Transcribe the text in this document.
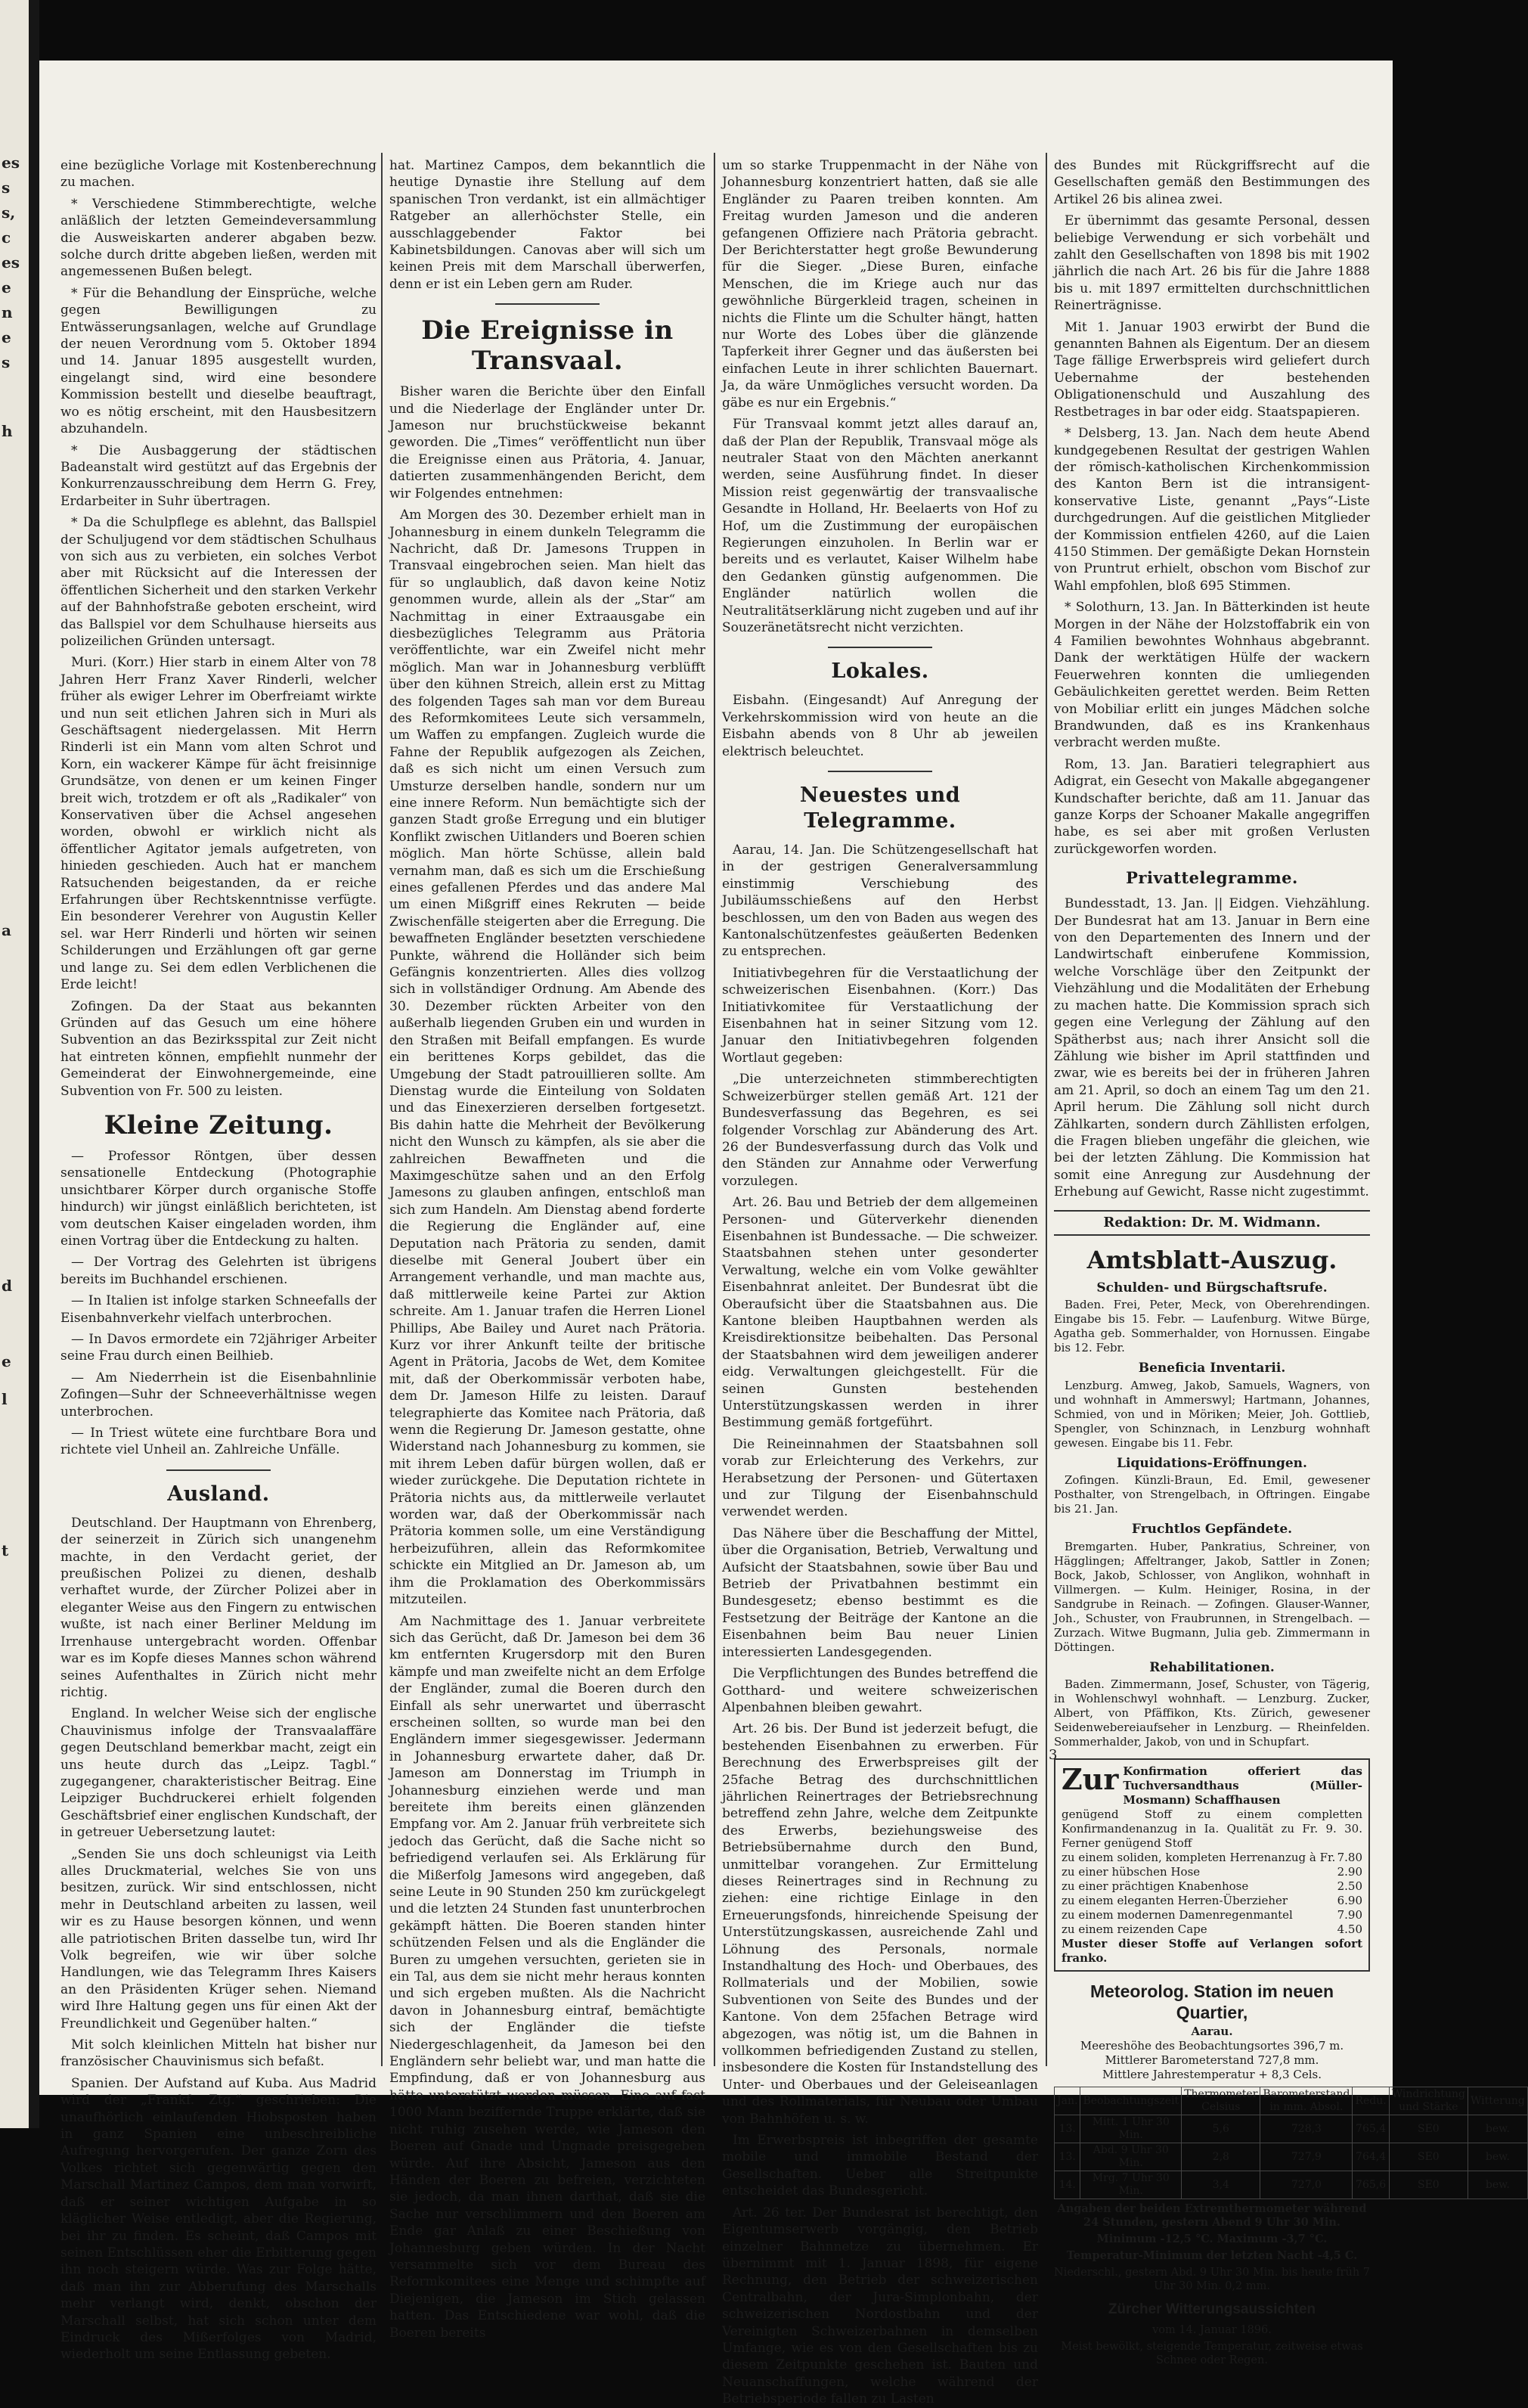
es
s
s,
c
es
e
n
e
s
h
a
d
e
l
t

eine bezügliche Vorlage mit Kostenberechnung zu machen.

* Verschiedene Stimmberechtigte, welche anläßlich der letzten Gemeindeversammlung die Ausweiskarten anderer abgaben bezw. solche durch dritte abgeben ließen, werden mit angemessenen Bußen belegt.

* Für die Behandlung der Einsprüche, welche gegen Bewilligungen zu Entwässerungsanlagen, welche auf Grundlage der neuen Verordnung vom 5. Oktober 1894 und 14. Januar 1895 ausgestellt wurden, eingelangt sind, wird eine besondere Kommission bestellt und dieselbe beauftragt, wo es nötig erscheint, mit den Hausbesitzern abzuhandeln.

* Die Ausbaggerung der städtischen Badeanstalt wird gestützt auf das Ergebnis der Konkurrenzausschreibung dem Herrn G. Frey, Erdarbeiter in Suhr übertragen.

* Da die Schulpflege es ablehnt, das Ballspiel der Schuljugend vor dem städtischen Schulhaus von sich aus zu verbieten, ein solches Verbot aber mit Rücksicht auf die Interessen der öffentlichen Sicherheit und den starken Verkehr auf der Bahnhofstraße geboten erscheint, wird das Ballspiel vor dem Schulhause hierseits aus polizeilichen Gründen untersagt.

Muri. (Korr.) Hier starb in einem Alter von 78 Jahren Herr Franz Xaver Rinderli, welcher früher als ewiger Lehrer im Oberfreiamt wirkte und nun seit etlichen Jahren sich in Muri als Geschäftsagent niedergelassen. Mit Herrn Rinderli ist ein Mann vom alten Schrot und Korn, ein wackerer Kämpe für ächt freisinnige Grundsätze, von denen er um keinen Finger breit wich, trotzdem er oft als „Radikaler“ von Konservativen über die Achsel angesehen worden, obwohl er wirklich nicht als öffentlicher Agitator jemals aufgetreten, von hinieden geschieden. Auch hat er manchem Ratsuchenden beigestanden, da er reiche Erfahrungen über Rechtskenntnisse verfügte. Ein besonderer Verehrer von Augustin Keller sel. war Herr Rinderli und hörten wir seinen Schilderungen und Erzählungen oft gar gerne und lange zu. Sei dem edlen Verblichenen die Erde leicht!

Zofingen. Da der Staat aus bekannten Gründen auf das Gesuch um eine höhere Subvention an das Bezirksspital zur Zeit nicht hat eintreten können, empfiehlt nunmehr der Gemeinderat der Einwohnergemeinde, eine Subvention von Fr. 500 zu leisten.

Kleine Zeitung.

— Professor Röntgen, über dessen sensationelle Entdeckung (Photographie unsichtbarer Körper durch organische Stoffe hindurch) wir jüngst einläßlich berichteten, ist vom deutschen Kaiser eingeladen worden, ihm einen Vortrag über die Entdeckung zu halten.

— Der Vortrag des Gelehrten ist übrigens bereits im Buchhandel erschienen.

— In Italien ist infolge starken Schneefalls der Eisenbahnverkehr vielfach unterbrochen.

— In Davos ermordete ein 72jähriger Arbeiter seine Frau durch einen Beilhieb.

— Am Niederrhein ist die Eisenbahnlinie Zofingen—Suhr der Schneeverhältnisse wegen unterbrochen.

— In Triest wütete eine furchtbare Bora und richtete viel Unheil an. Zahlreiche Unfälle.

Ausland.

Deutschland. Der Hauptmann von Ehrenberg, der seinerzeit in Zürich sich unangenehm machte, in den Verdacht geriet, der preußischen Polizei zu dienen, deshalb verhaftet wurde, der Zürcher Polizei aber in eleganter Weise aus den Fingern zu entwischen wußte, ist nach einer Berliner Meldung im Irrenhause untergebracht worden. Offenbar war es im Kopfe dieses Mannes schon während seines Aufenthaltes in Zürich nicht mehr richtig.

England. In welcher Weise sich der englische Chauvinismus infolge der Transvaalaffäre gegen Deutschland bemerkbar macht, zeigt ein uns heute durch das „Leipz. Tagbl.“ zugegangener, charakteristischer Beitrag. Eine Leipziger Buchdruckerei erhielt folgenden Geschäftsbrief einer englischen Kundschaft, der in getreuer Uebersetzung lautet:

„Senden Sie uns doch schleunigst via Leith alles Druckmaterial, welches Sie von uns besitzen, zurück. Wir sind entschlossen, nicht mehr in Deutschland arbeiten zu lassen, weil wir es zu Hause besorgen können, und wenn alle patriotischen Briten dasselbe tun, wird Ihr Volk begreifen, wie wir über solche Handlungen, wie das Telegramm Ihres Kaisers an den Präsidenten Krüger sehen. Niemand wird Ihre Haltung gegen uns für einen Akt der Freundlichkeit und Gegenüber halten.“

Mit solch kleinlichen Mitteln hat bisher nur französischer Chauvinismus sich befaßt.

Spanien. Der Aufstand auf Kuba. Aus Madrid wird der „Frankf. Ztg.“ geschrieben: Die unaufhörlich einlaufenden Hiobsposten haben in ganz Spanien eine unbeschreibliche Aufregung hervorgerufen. Der ganze Zorn des Volkes richtet sich gegenwärtig gegen den Marschall Martinez Campos, dem man vorwirft, daß er seiner wichtigen Aufgabe in so kläglicher Weise entledigt, aber die Regierung, bei ihr zu finden. Es scheint, daß Campos mit seinen Entschlüssen eher die Erbitterung gegen ihn noch steigern würde. Was zur Folge hätte, daß man ihn zur Abberufung des Marschalls mehr verlangt wird, denkt, obschon der Marschall selbst, hat sich schon unter dem Eindruck des Mißerfolges von Madrid, wiederholt um seine Entlassung gebeten.

hat. Martinez Campos, dem bekanntlich die heutige Dynastie ihre Stellung auf dem spanischen Tron verdankt, ist ein allmächtiger Ratgeber an allerhöchster Stelle, ein ausschlaggebender Faktor bei Kabinetsbildungen. Canovas aber will sich um keinen Preis mit dem Marschall überwerfen, denn er ist ein Leben gern am Ruder.

Die Ereignisse in Transvaal.

Bisher waren die Berichte über den Einfall und die Niederlage der Engländer unter Dr. Jameson nur bruchstückweise bekannt geworden. Die „Times“ veröffentlicht nun über die Ereignisse einen aus Prätoria, 4. Januar, datierten zusammenhängenden Bericht, dem wir Folgendes entnehmen:

Am Morgen des 30. Dezember erhielt man in Johannesburg in einem dunkeln Telegramm die Nachricht, daß Dr. Jamesons Truppen in Transvaal eingebrochen seien. Man hielt das für so unglaublich, daß davon keine Notiz genommen wurde, allein als der „Star“ am Nachmittag in einer Extraausgabe ein diesbezügliches Telegramm aus Prätoria veröffentlichte, war ein Zweifel nicht mehr möglich. Man war in Johannesburg verblüfft über den kühnen Streich, allein erst zu Mittag des folgenden Tages sah man vor dem Bureau des Reformkomitees Leute sich versammeln, um Waffen zu empfangen. Zugleich wurde die Fahne der Republik aufgezogen als Zeichen, daß es sich nicht um einen Versuch zum Umsturze derselben handle, sondern nur um eine innere Reform. Nun bemächtigte sich der ganzen Stadt große Erregung und ein blutiger Konflikt zwischen Uitlanders und Boeren schien möglich. Man hörte Schüsse, allein bald vernahm man, daß es sich um die Erschießung eines gefallenen Pferdes und das andere Mal um einen Mißgriff eines Rekruten — beide Zwischenfälle steigerten aber die Erregung. Die bewaffneten Engländer besetzten verschiedene Punkte, während die Holländer sich beim Gefängnis konzentrierten. Alles dies vollzog sich in vollständiger Ordnung. Am Abende des 30. Dezember rückten Arbeiter von den außerhalb liegenden Gruben ein und wurden in den Straßen mit Beifall empfangen. Es wurde ein berittenes Korps gebildet, das die Umgebung der Stadt patrouillieren sollte. Am Dienstag wurde die Einteilung von Soldaten und das Einexerzieren derselben fortgesetzt. Bis dahin hatte die Mehrheit der Bevölkerung nicht den Wunsch zu kämpfen, als sie aber die zahlreichen Bewaffneten und die Maximgeschütze sahen und an den Erfolg Jamesons zu glauben anfingen, entschloß man sich zum Handeln. Am Dienstag abend forderte die Regierung die Engländer auf, eine Deputation nach Prätoria zu senden, damit dieselbe mit General Joubert über ein Arrangement verhandle, und man machte aus, daß mittlerweile keine Partei zur Aktion schreite. Am 1. Januar trafen die Herren Lionel Phillips, Abe Bailey und Auret nach Prätoria. Kurz vor ihrer Ankunft teilte der britische Agent in Prätoria, Jacobs de Wet, dem Komitee mit, daß der Oberkommissär verboten habe, dem Dr. Jameson Hilfe zu leisten. Darauf telegraphierte das Komitee nach Prätoria, daß wenn die Regierung Dr. Jameson gestatte, ohne Widerstand nach Johannesburg zu kommen, sie mit ihrem Leben dafür bürgen wollen, daß er wieder zurückgehe. Die Deputation richtete in Prätoria nichts aus, da mittlerweile verlautet worden war, daß der Oberkommissär nach Prätoria kommen solle, um eine Verständigung herbeizuführen, allein das Reformkomitee schickte ein Mitglied an Dr. Jameson ab, um ihm die Proklamation des Oberkommissärs mitzuteilen.

Am Nachmittage des 1. Januar verbreitete sich das Gerücht, daß Dr. Jameson bei dem 36 km entfernten Krugersdorp mit den Buren kämpfe und man zweifelte nicht an dem Erfolge der Engländer, zumal die Boeren durch den Einfall als sehr unerwartet und überrascht erscheinen sollten, so wurde man bei den Engländern immer siegesgewisser. Jedermann in Johannesburg erwartete daher, daß Dr. Jameson am Donnerstag im Triumph in Johannesburg einziehen werde und man bereitete ihm bereits einen glänzenden Empfang vor. Am 2. Januar früh verbreitete sich jedoch das Gerücht, daß die Sache nicht so befriedigend verlaufen sei. Als Erklärung für die Mißerfolg Jamesons wird angegeben, daß seine Leute in 90 Stunden 250 km zurückgelegt und die letzten 24 Stunden fast ununterbrochen gekämpft hätten. Die Boeren standen hinter schützenden Felsen und als die Engländer die Buren zu umgehen versuchten, gerieten sie in ein Tal, aus dem sie nicht mehr heraus konnten und sich ergeben mußten. Als die Nachricht davon in Johannesburg eintraf, bemächtigte sich der Engländer die tiefste Niedergeschlagenheit, da Jameson bei den Engländern sehr beliebt war, und man hatte die Empfindung, daß er von Johannesburg aus hätte unterstützt werden müssen. Eine auf fast 1000 Mann beziffernde Truppe erklärte, daß sie nicht ruhig zusehen werde, wie Jameson den Boeren auf Gnade und Ungnade preisgegeben würde. Auf ihre Absicht, Jameson aus den Händen der Boeren zu befreien, verzichteten sie jedoch, da man ihnen darthat, daß sie die Sache nur verschlimmern und den Boeren am Ende gar Anlaß zu einer Beschießung von Johannesburg geben würden. In der Nacht versammelte sich vor dem Bureau des Reformkomitees eine Menge und schimpfte auf Diejenigen, die Jameson im Stich gelassen hatten. Das Entschiedene war wohl, daß die Boeren bereits

um so starke Truppenmacht in der Nähe von Johannesburg konzentriert hatten, daß sie alle Engländer zu Paaren treiben konnten. Am Freitag wurden Jameson und die anderen gefangenen Offiziere nach Prätoria gebracht. Der Berichterstatter hegt große Bewunderung für die Sieger. „Diese Buren, einfache Menschen, die im Kriege auch nur das gewöhnliche Bürgerkleid tragen, scheinen in nichts die Flinte um die Schulter hängt, hatten nur Worte des Lobes über die glänzende Tapferkeit ihrer Gegner und das äußersten bei einfachen Leute in ihrer schlichten Bauernart. Ja, da wäre Unmögliches versucht worden. Da gäbe es nur ein Ergebnis.“

Für Transvaal kommt jetzt alles darauf an, daß der Plan der Republik, Transvaal möge als neutraler Staat von den Mächten anerkannt werden, seine Ausführung findet. In dieser Mission reist gegenwärtig der transvaalische Gesandte in Holland, Hr. Beelaerts von Hof zu Hof, um die Zustimmung der europäischen Regierungen einzuholen. In Berlin war er bereits und es verlautet, Kaiser Wilhelm habe den Gedanken günstig aufgenommen. Die Engländer natürlich wollen die Neutralitätserklärung nicht zugeben und auf ihr Souzeränetätsrecht nicht verzichten.

Lokales.

Eisbahn. (Eingesandt) Auf Anregung der Verkehrskommission wird von heute an die Eisbahn abends von 8 Uhr ab jeweilen elektrisch beleuchtet.

Neuestes und Telegramme.

Aarau, 14. Jan. Die Schützengesellschaft hat in der gestrigen Generalversammlung einstimmig Verschiebung des Jubiläumsschießens auf den Herbst beschlossen, um den von Baden aus wegen des Kantonalschützenfestes geäußerten Bedenken zu entsprechen.

Initiativbegehren für die Verstaatlichung der schweizerischen Eisenbahnen. (Korr.) Das Initiativkomitee für Verstaatlichung der Eisenbahnen hat in seiner Sitzung vom 12. Januar den Initiativbegehren folgenden Wortlaut gegeben:

„Die unterzeichneten stimmberechtigten Schweizerbürger stellen gemäß Art. 121 der Bundesverfassung das Begehren, es sei folgender Vorschlag zur Abänderung des Art. 26 der Bundesverfassung durch das Volk und den Ständen zur Annahme oder Verwerfung vorzulegen.

Art. 26. Bau und Betrieb der dem allgemeinen Personen- und Güterverkehr dienenden Eisenbahnen ist Bundessache. — Die schweizer. Staatsbahnen stehen unter gesonderter Verwaltung, welche ein vom Volke gewählter Eisenbahnrat anleitet. Der Bundesrat übt die Oberaufsicht über die Staatsbahnen aus. Die Kantone bleiben Hauptbahnen werden als Kreisdirektionsitze beibehalten. Das Personal der Staatsbahnen wird dem jeweiligen anderer eidg. Verwaltungen gleichgestellt. Für die seinen Gunsten bestehenden Unterstützungskassen werden in ihrer Bestimmung gemäß fortgeführt.

Die Reineinnahmen der Staatsbahnen soll vorab zur Erleichterung des Verkehrs, zur Herabsetzung der Personen- und Gütertaxen und zur Tilgung der Eisenbahnschuld verwendet werden.

Das Nähere über die Beschaffung der Mittel, über die Organisation, Betrieb, Verwaltung und Aufsicht der Staatsbahnen, sowie über Bau und Betrieb der Privatbahnen bestimmt ein Bundesgesetz; ebenso bestimmt es die Festsetzung der Beiträge der Kantone an die Eisenbahnen beim Bau neuer Linien interessierten Landesgegenden.

Die Verpflichtungen des Bundes betreffend die Gotthard- und weitere schweizerischen Alpenbahnen bleiben gewahrt.

Art. 26 bis. Der Bund ist jederzeit befugt, die bestehenden Eisenbahnen zu erwerben. Für Berechnung des Erwerbspreises gilt der 25fache Betrag des durchschnittlichen jährlichen Reinertrages der Betriebsrechnung betreffend zehn Jahre, welche dem Zeitpunkte des Erwerbs, beziehungsweise des Betriebsübernahme durch den Bund, unmittelbar vorangehen. Zur Ermittelung dieses Reinertrages sind in Rechnung zu ziehen: eine richtige Einlage in den Erneuerungsfonds, hinreichende Speisung der Unterstützungskassen, ausreichende Zahl und Löhnung des Personals, normale Instandhaltung des Hoch- und Oberbaues, des Rollmaterials und der Mobilien, sowie Subventionen von Seite des Bundes und der Kantone. Von dem 25fachen Betrage wird abgezogen, was nötig ist, um die Bahnen in vollkommen befriedigenden Zustand zu stellen, insbesondere die Kosten für Instandstellung des Unter- und Oberbaues und der Geleiseanlagen und des Rollmaterials, für Neubau oder Umbau von Bahnhöfen u. s. w.

Im Erwerbspreis ist inbegriffen der gesamte mobile und immobile Bestand der Gesellschaften. Ueber alle Streitpunkte entscheidet das Bundesgericht.

Art. 26 ter. Der Bundesrat ist berechtigt, den Eigentumserwerb vorgängig, den Betrieb einzelner Bahnnetze zu übernehmen. Er übernimmt mit 1. Januar 1898, für eigene Rechnung, den Betrieb der schweizerischen Centralbahn, der Jura-Simplonbahn, der schweizerischen Nordostbahn und der Vereinigten Schweizerbahnen in demselben Umfange, wie es von den Gesellschaften bis zu diesem Zeitpunkte geschehen ist. Bauten und Neuanschaffungen, welche während der Betriebsperiode fallen zu Lasten

des Bundes mit Rückgriffsrecht auf die Gesellschaften gemäß den Bestimmungen des Artikel 26 bis alinea zwei.

Er übernimmt das gesamte Personal, dessen beliebige Verwendung er sich vorbehält und zahlt den Gesellschaften von 1898 bis mit 1902 jährlich die nach Art. 26 bis für die Jahre 1888 bis u. mit 1897 ermittelten durchschnittlichen Reinerträgnisse.

Mit 1. Januar 1903 erwirbt der Bund die genannten Bahnen als Eigentum. Der an diesem Tage fällige Erwerbspreis wird geliefert durch Uebernahme der bestehenden Obligationenschuld und Auszahlung des Restbetrages in bar oder eidg. Staatspapieren.

* Delsberg, 13. Jan. Nach dem heute Abend kundgegebenen Resultat der gestrigen Wahlen der römisch-katholischen Kirchenkommission des Kanton Bern ist die intransigent-konservative Liste, genannt „Pays“-Liste durchgedrungen. Auf die geistlichen Mitglieder der Kommission entfielen 4260, auf die Laien 4150 Stimmen. Der gemäßigte Dekan Hornstein von Pruntrut erhielt, obschon vom Bischof zur Wahl empfohlen, bloß 695 Stimmen.

* Solothurn, 13. Jan. In Bätterkinden ist heute Morgen in der Nähe der Holzstoffabrik ein von 4 Familien bewohntes Wohnhaus abgebrannt. Dank der werktätigen Hülfe der wackern Feuerwehren konnten die umliegenden Gebäulichkeiten gerettet werden. Beim Retten von Mobiliar erlitt ein junges Mädchen solche Brandwunden, daß es ins Krankenhaus verbracht werden mußte.

Rom, 13. Jan. Baratieri telegraphiert aus Adigrat, ein Gesecht von Makalle abgegangener Kundschafter berichte, daß am 11. Januar das ganze Korps der Schoaner Makalle angegriffen habe, es sei aber mit großen Verlusten zurückgeworfen worden.

Privattelegramme.

Bundesstadt, 13. Jan. || Eidgen. Viehzählung. Der Bundesrat hat am 13. Januar in Bern eine von den Departementen des Innern und der Landwirtschaft einberufene Kommission, welche Vorschläge über den Zeitpunkt der Viehzählung und die Modalitäten der Erhebung zu machen hatte. Die Kommission sprach sich gegen eine Verlegung der Zählung auf den Spätherbst aus; nach ihrer Ansicht soll die Zählung wie bisher im April stattfinden und zwar, wie es bereits bei der in früheren Jahren am 21. April, so doch an einem Tag um den 21. April herum. Die Zählung soll nicht durch Zählkarten, sondern durch Zähllisten erfolgen, die Fragen blieben ungefähr die gleichen, wie bei der letzten Zählung. Die Kommission hat somit eine Anregung zur Ausdehnung der Erhebung auf Gewicht, Rasse nicht zugestimmt.

Redaktion: Dr. M. Widmann.
Amtsblatt-Auszug.
Schulden- und Bürgschaftsrufe.

Baden. Frei, Peter, Meck, von Oberehrendingen. Eingabe bis 15. Febr. — Laufenburg. Witwe Bürge, Agatha geb. Sommerhalder, von Hornussen. Eingabe bis 12. Febr.

Beneficia Inventarii.

Lenzburg. Amweg, Jakob, Samuels, Wagners, von und wohnhaft in Ammerswyl; Hartmann, Johannes, Schmied, von und in Möriken; Meier, Joh. Gottlieb, Spengler, von Schinznach, in Lenzburg wohnhaft gewesen. Eingabe bis 11. Febr.

Liquidations-Eröffnungen.

Zofingen. Künzli-Braun, Ed. Emil, gewesener Posthalter, von Strengelbach, in Oftringen. Eingabe bis 21. Jan.

Fruchtlos Gepfändete.

Bremgarten. Huber, Pankratius, Schreiner, von Hägglingen; Affeltranger, Jakob, Sattler in Zonen; Bock, Jakob, Schlosser, von Anglikon, wohnhaft in Villmergen. — Kulm. Heiniger, Rosina, in der Sandgrube in Reinach. — Zofingen. Glauser-Wanner, Joh., Schuster, von Fraubrunnen, in Strengelbach. — Zurzach. Witwe Bugmann, Julia geb. Zimmermann in Döttingen.

Rehabilitationen.

Baden. Zimmermann, Josef, Schuster, von Tägerig, in Wohlenschwyl wohnhaft. — Lenzburg. Zucker, Albert, von Pfäffikon, Kts. Zürich, gewesener Seidenwebereiaufseher in Lenzburg. — Rheinfelden. Sommerhalder, Jakob, von und in Schupfart.

Zur Konfirmation offeriert das Tuchversandthaus (Müller-Mosmann) Schaffhausen
genügend Stoff zu einem completten Konfirmandenanzug in Ia. Qualität zu Fr. 9. 30. Ferner genügend Stoff
zu einem soliden, kompleten Herrenanzug à Fr. 7.80
zu einer hübschen Hose	2.90
zu einer prächtigen Knabenhose	2.50
zu einem eleganten Herren-Überzieher	6.90
zu einem modernen Damenregenmantel	7.90
zu einem reizenden Cape	4.50
Muster dieser Stoffe auf Verlangen sofort franko.
Meteorolog. Station im neuen Quartier,
Aarau.
Meereshöhe des Beobachtungsortes 396,7 m.
Mittlerer Barometerstand 727,8 mm.
Mittlere Jahrestemperatur + 8,3 Cels.
Jan.	Beobachtungszeit	Thermometer Celsius	Barometerstand in mm. Absol.	Redu.	Windrichtung und Stärke	Witterung
13.	Mitt. 1 Uhr 30 Min.	5,6	728,3	765,4	SE0	bew.
13.	Abd. 9 Uhr 30 Min.	2,8	727,9	764,4	SE0	bew.
14.	Mrg. 7 Uhr 30 Min.	3,4	727,0	765,6	SE0	bew.
Angaben der beiden Extremthermometer während 24 Stunden, gestern Abend 9 Uhr 30 Min.
Minimum -12,5 °C. Maximum -3,7 °C.
Temperatur-Minimum der letzten Nacht -4,5 C.
Niederschl., gestern Abd. 9 Uhr 30 Min. bis heute früh 7 Uhr 30 Min. 0,2 mm.
Zürcher Witterungsaussichten
vom 14. Januar 1896.
Meist bewölkt, steigende Temperatur, zeitweise etwas Schnee oder Regen.
3
